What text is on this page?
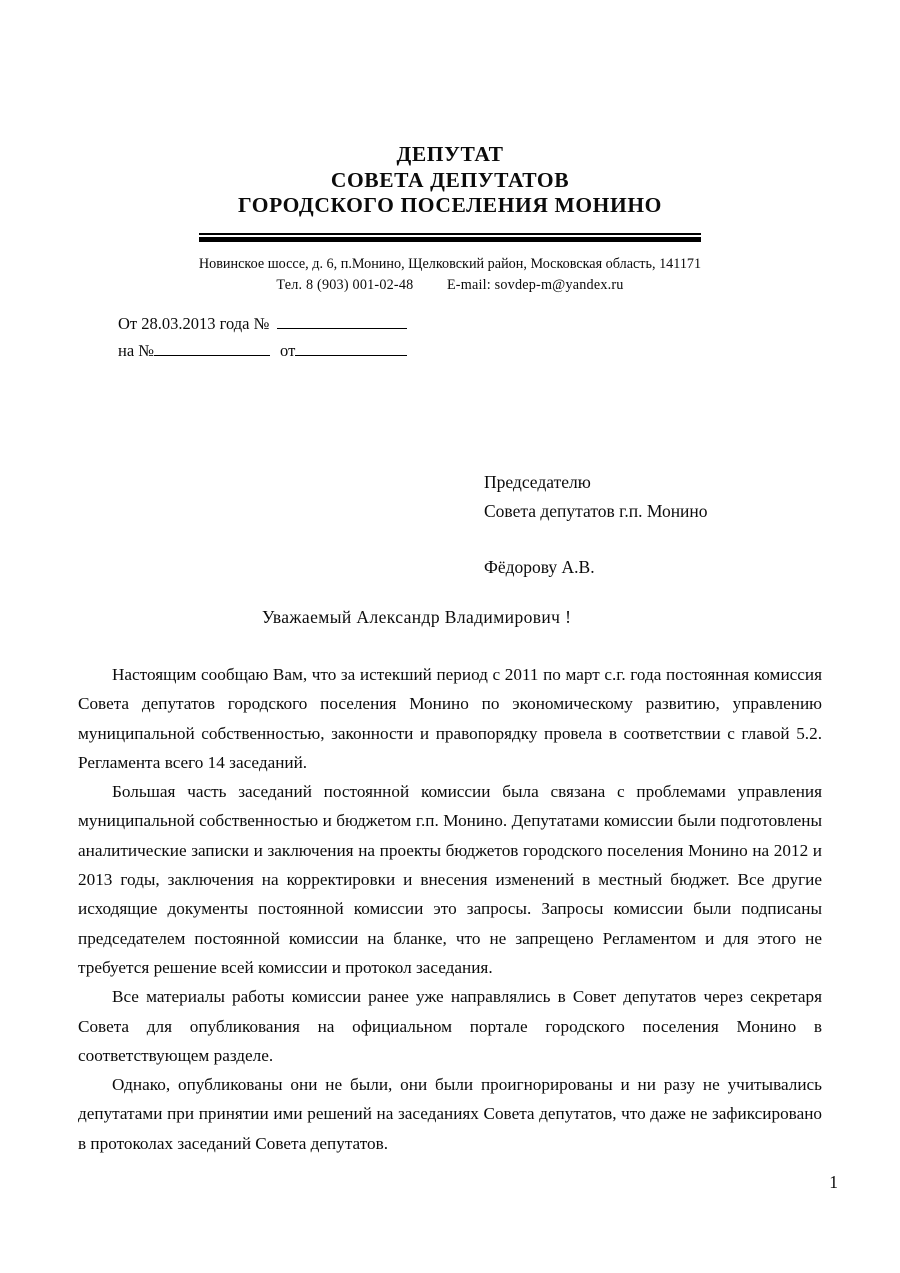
ДЕПУТАТ
СОВЕТА ДЕПУТАТОВ
ГОРОДСКОГО ПОСЕЛЕНИЯ МОНИНО
Новинское шоссе, д. 6, п.Монино, Щелковский район, Московская область, 141171
Тел. 8 (903) 001-02-48 E-mail: sovdep-m@yandex.ru
От 28.03.2013 года №
на №	от
Председателю
Совета депутатов г.п. Монино
Фёдорову А.В.
Уважаемый Александр Владимирович !

Настоящим сообщаю Вам, что за истекший период с 2011 по март с.г. года постоянная комиссия Совета депутатов городского поселения Монино по экономическому развитию, управлению муниципальной собственностью, законности и правопорядку провела в соответствии с главой 5.2. Регламента всего 14 заседаний.

Большая часть заседаний постоянной комиссии была связана с проблемами управления муниципальной собственностью и бюджетом г.п. Монино. Депутатами комиссии были подготовлены аналитические записки и заключения на проекты бюджетов городского поселения Монино на 2012 и 2013 годы, заключения на корректировки и внесения изменений в местный бюджет. Все другие исходящие документы постоянной комиссии это запросы. Запросы комиссии были подписаны председателем постоянной комиссии на бланке, что не запрещено Регламентом и для этого не требуется решение всей комиссии и протокол заседания.

Все материалы работы комиссии ранее уже направлялись в Совет депутатов через секретаря Совета для опубликования на официальном портале городского поселения Монино в соответствующем разделе.

Однако, опубликованы они не были, они были проигнорированы и ни разу не учитывались депутатами при принятии ими решений на заседаниях Совета депутатов, что даже не зафиксировано в протоколах заседаний Совета депутатов.

1
